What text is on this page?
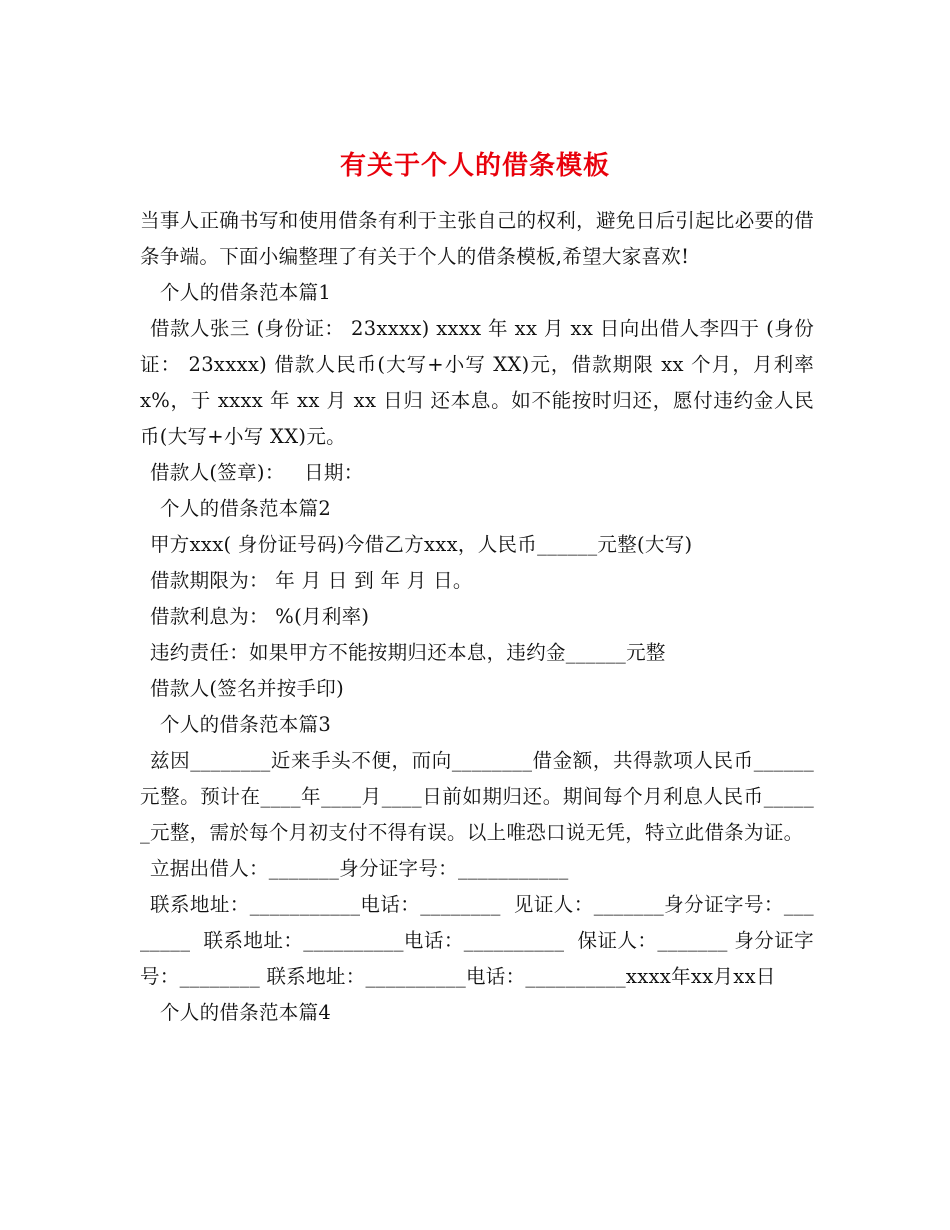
有关于个人的借条模板

当事人正确书写和使用借条有利于主张自己的权利，避免日后引起比必要的借条争端。下面小编整理了有关于个人的借条模板,希望大家喜欢!

个人的借条范本篇1

借款人张三 (身份证： 23xxxx) xxxx 年 xx 月 xx 日向出借人李四于 (身份证： 23xxxx) 借款人民币(大写+小写 XX)元，借款期限 xx 个月，月利率 x%，于 xxxx 年 xx 月 xx 日归 还本息。如不能按时归还，愿付违约金人民币(大写+小写 XX)元。

借款人(签章)：   日期：

个人的借条范本篇2

甲方xxx( 身份证号码)今借乙方xxx，人民币______元整(大写)

借款期限为： 年 月 日 到 年 月 日。

借款利息为： %(月利率)

违约责任：如果甲方不能按期归还本息，违约金______元整

借款人(签名并按手印)

个人的借条范本篇3

兹因________近来手头不便，而向________借金额，共得款项人民币______元整。预计在____年____月____日前如期归还。期间每个月利息人民币______元整，需於每个月初支付不得有误。以上唯恐口说无凭，特立此借条为证。

立据出借人：_______身分证字号：___________

联系地址：___________电话：________  见证人：_______身分证字号：________  联系地址：__________电话：__________  保证人：_______ 身分证字号：________ 联系地址：__________电话：__________xxxx年xx月xx日

个人的借条范本篇4
